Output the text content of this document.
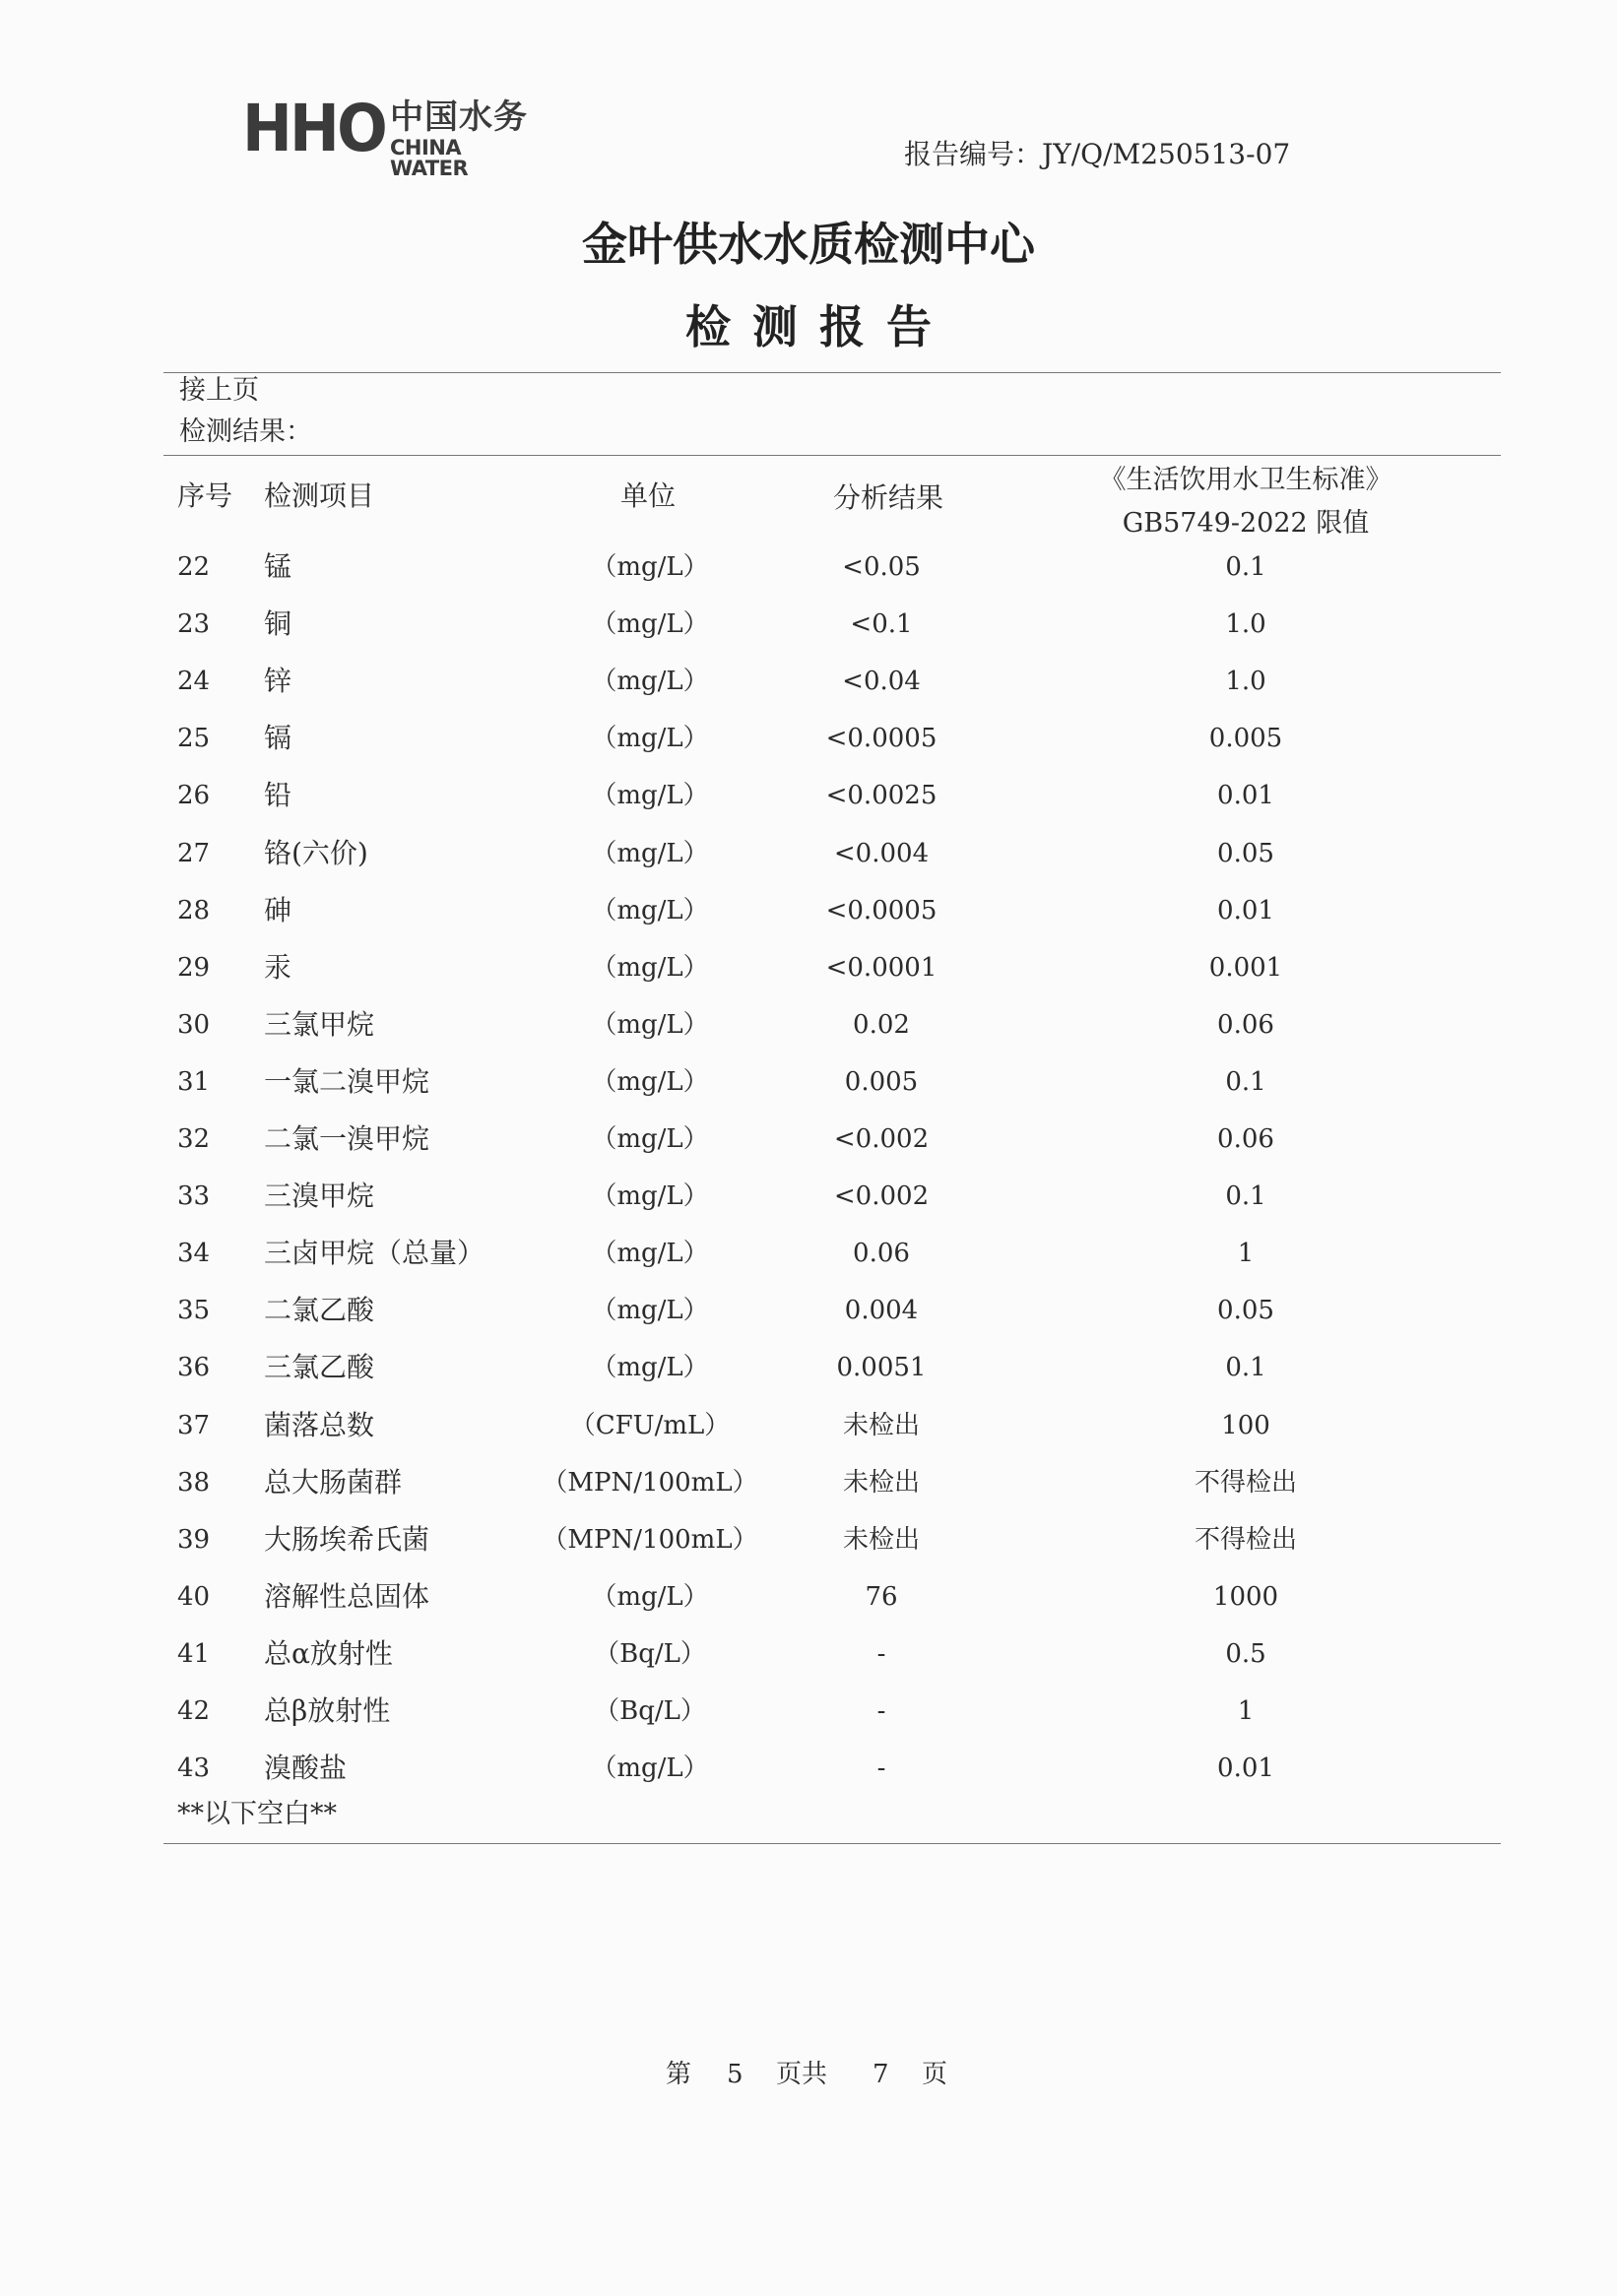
HHO 中国水务
CHINA WATER	报告编号：JY/Q/M250513-07
金叶供水水质检测中心
检测报告
接上页
检测结果：
序号 检测项目	单位	分析结果
《生活饮用水卫生标准》
GB5749-2022 限值
22 锰	（mg/L）	<0.05	0.1
23 铜	（mg/L）	<0.1	1.0
24 锌	（mg/L）	<0.04	1.0
25 镉	（mg/L）	<0.0005	0.005
26 铅	（mg/L）	<0.0025	0.01
27 铬(六价)	（mg/L）	<0.004	0.05
28 砷	（mg/L）	<0.0005	0.01
29 汞	（mg/L）	<0.0001	0.001
30 三氯甲烷	（mg/L）	0.02	0.06
31 一氯二溴甲烷	（mg/L）	0.005	0.1
32 二氯一溴甲烷	（mg/L）	<0.002	0.06
33 三溴甲烷	（mg/L）	<0.002	0.1
34 三卤甲烷（总量）	（mg/L）	0.06	1
35 二氯乙酸	（mg/L）	0.004	0.05
36 三氯乙酸	（mg/L）	0.0051	0.1
37 菌落总数	（CFU/mL）	未检出	100
38 总大肠菌群	（MPN/100mL）	未检出	不得检出
39 大肠埃希氏菌	（MPN/100mL）	未检出	不得检出
40 溶解性总固体	（mg/L）	76	1000
41 总α放射性	（Bq/L）	-	0.5
42 总β放射性	（Bq/L）	-	1
43 溴酸盐	（mg/L）	-	0.01
**以下空白**
第 5 页共 7 页
